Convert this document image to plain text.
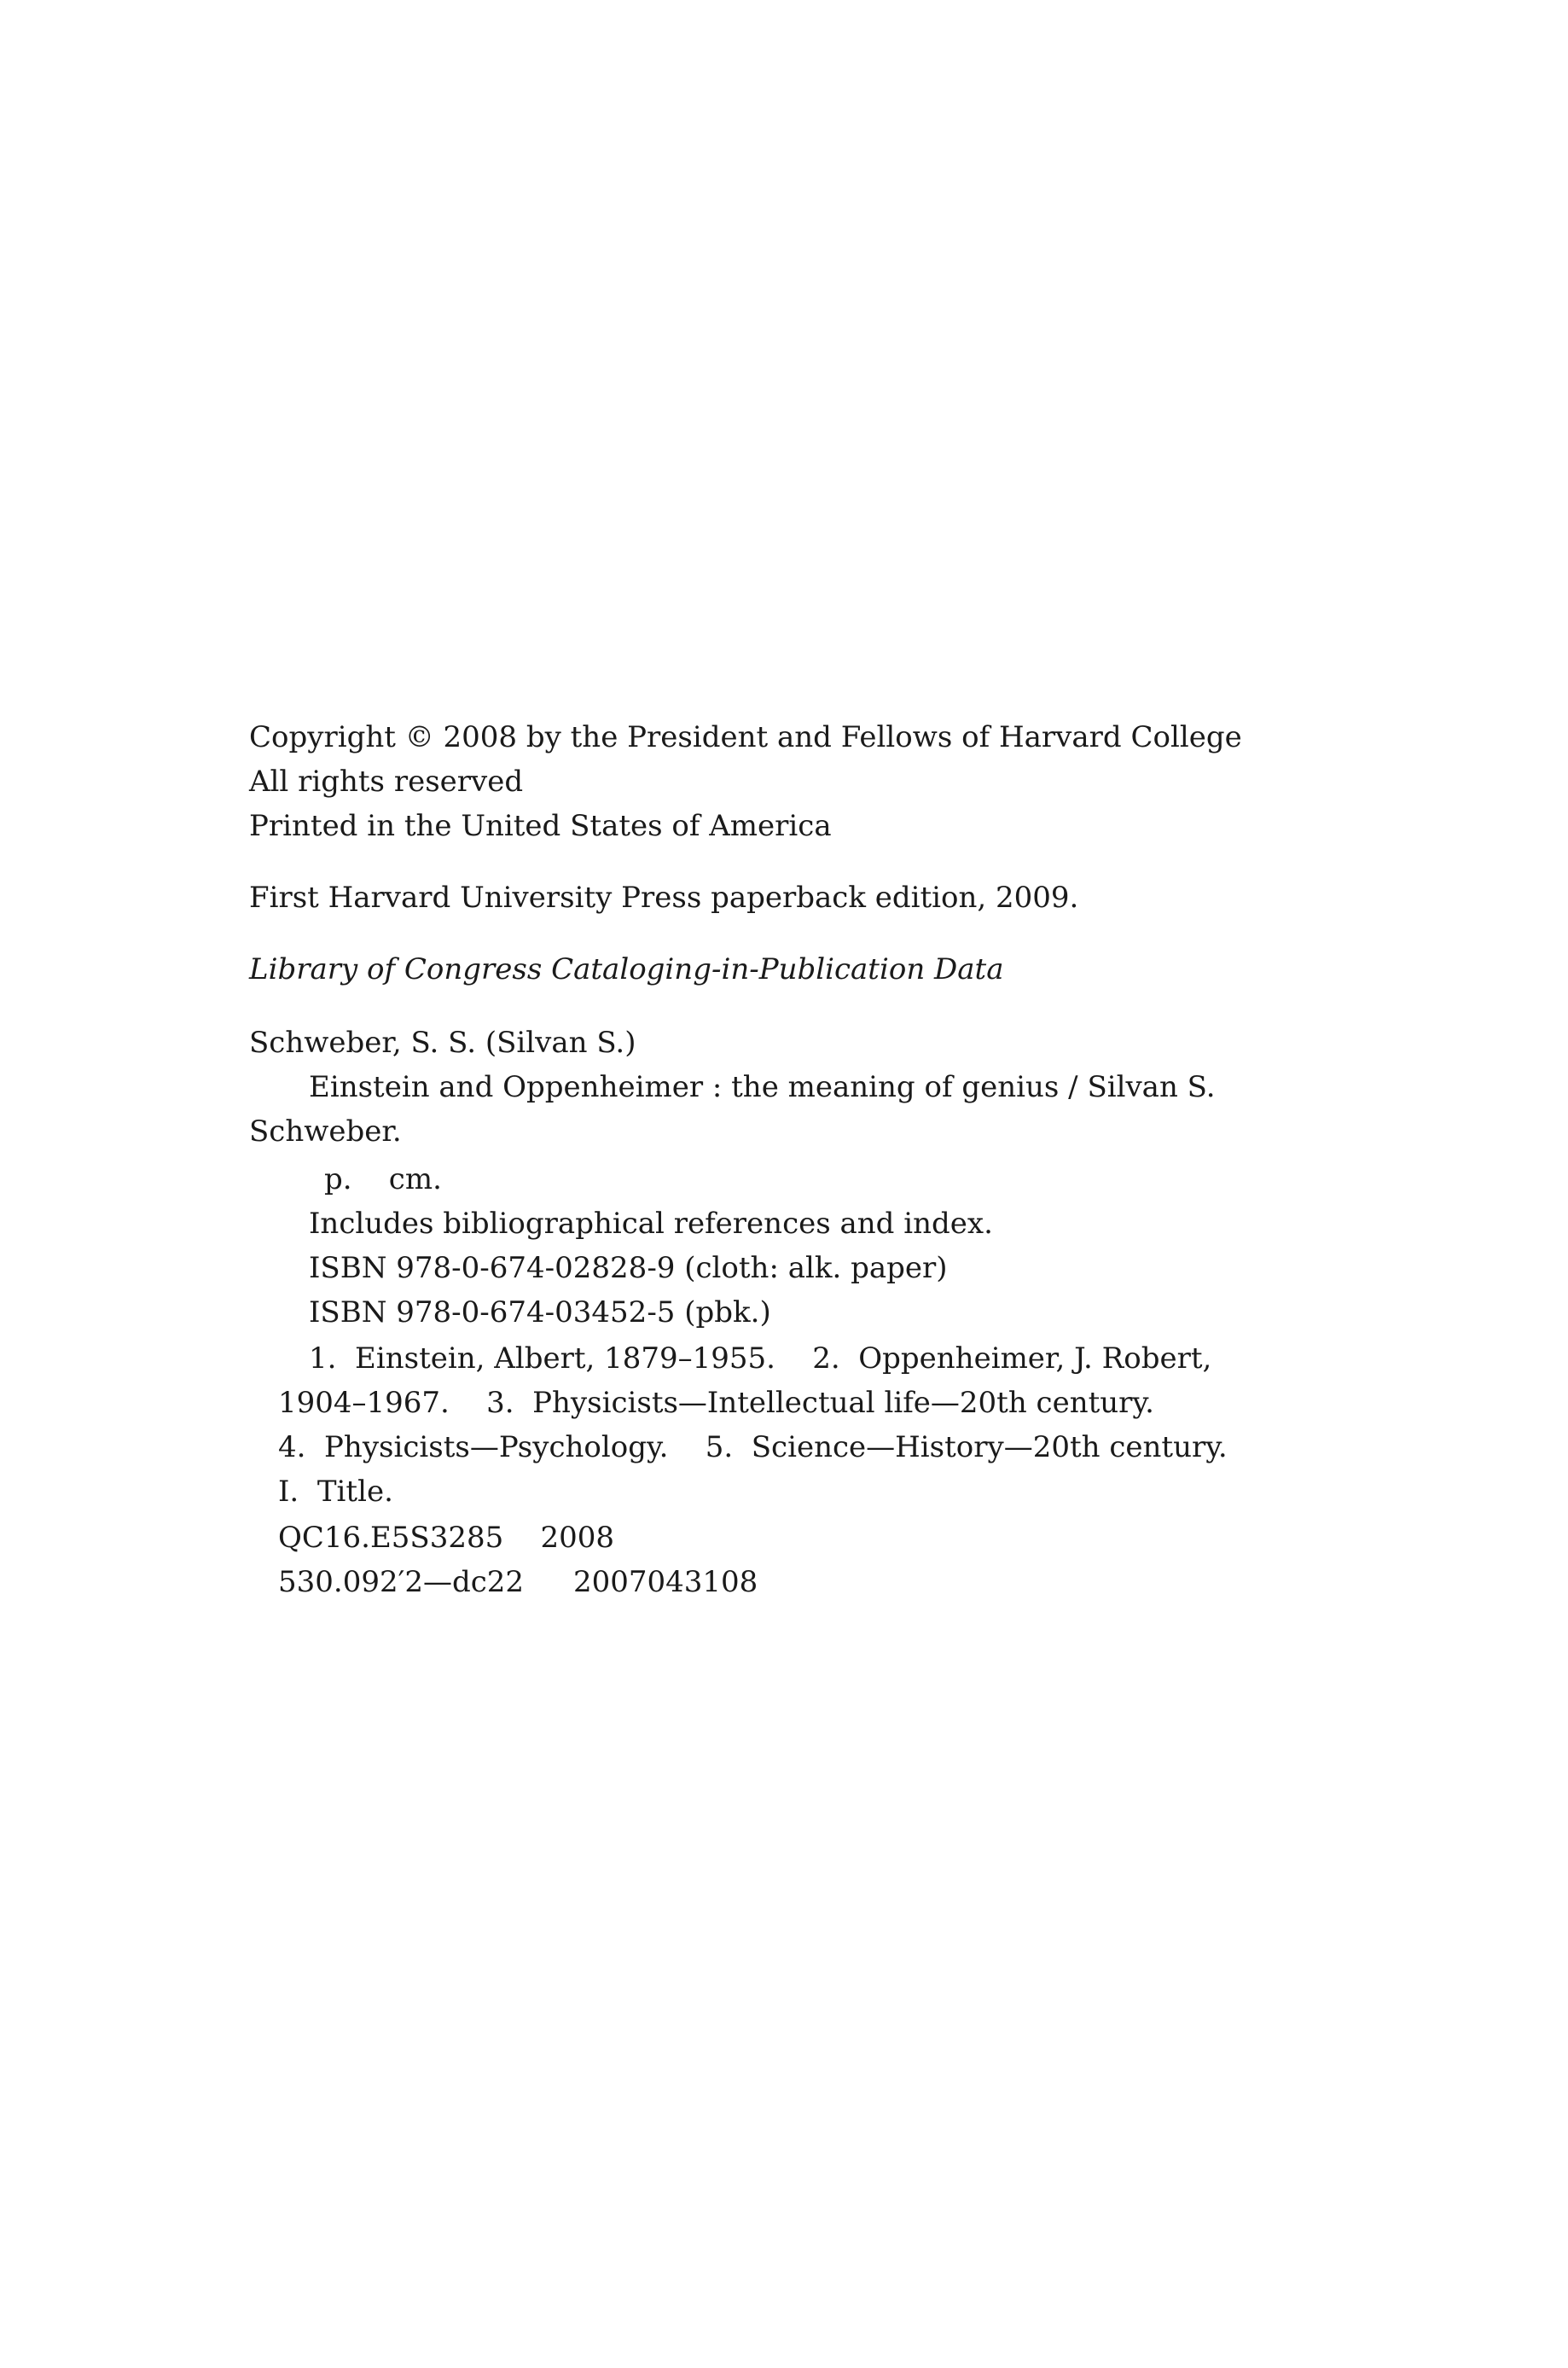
Copyright © 2008 by the President and Fellows of Harvard College
All rights reserved
Printed in the United States of America
First Harvard University Press paperback edition, 2009.
Library of Congress Cataloging-in-Publication Data
Schweber, S. S. (Silvan S.)
Einstein and Oppenheimer : the meaning of genius / Silvan S.
Schweber.
p.    cm.
Includes bibliographical references and index.
ISBN 978-0-674-02828-9 (cloth: alk. paper)
ISBN 978-0-674-03452-5 (pbk.)
1.  Einstein, Albert, 1879–1955.    2.  Oppenheimer, J. Robert,
1904–1967.    3.  Physicists—Intellectual life—20th century.
4.  Physicists—Psychology.    5.  Science—History—20th century.
I.  Title.
QC16.E5S3285    2008
530.092′2—dc22 2007043108
